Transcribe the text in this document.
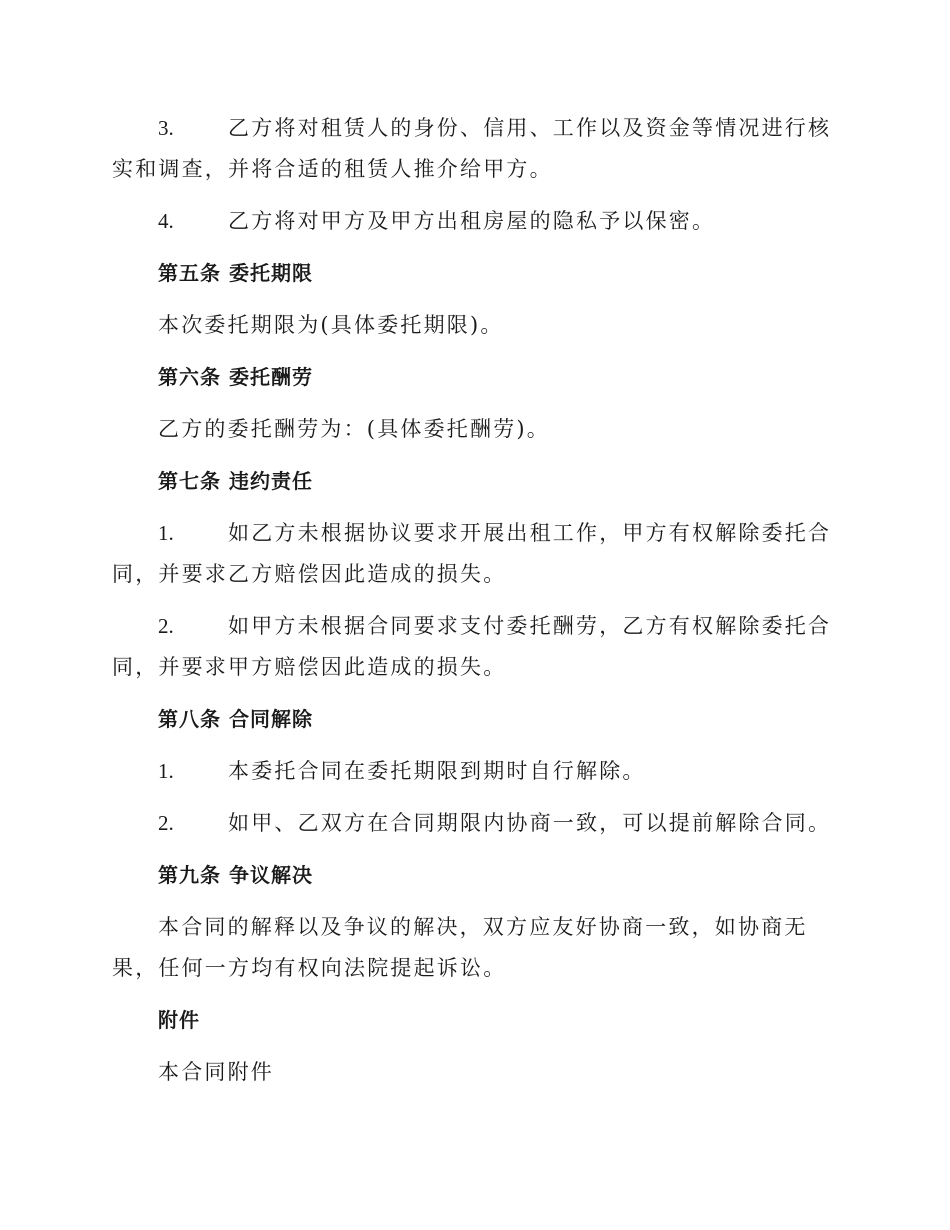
3.	乙方将对租赁人的身份、信用、工作以及资金等情况进行核实和调查，并将合适的租赁人推介给甲方。

4.	乙方将对甲方及甲方出租房屋的隐私予以保密。

第五条 委托期限

本次委托期限为(具体委托期限)。

第六条 委托酬劳

乙方的委托酬劳为：(具体委托酬劳)。

第七条 违约责任

1.	如乙方未根据协议要求开展出租工作，甲方有权解除委托合同，并要求乙方赔偿因此造成的损失。

2.	如甲方未根据合同要求支付委托酬劳，乙方有权解除委托合同，并要求甲方赔偿因此造成的损失。

第八条 合同解除

1.	本委托合同在委托期限到期时自行解除。

2.	如甲、乙双方在合同期限内协商一致，可以提前解除合同。

第九条 争议解决

本合同的解释以及争议的解决，双方应友好协商一致，如协商无果，任何一方均有权向法院提起诉讼。

附件

本合同附件
